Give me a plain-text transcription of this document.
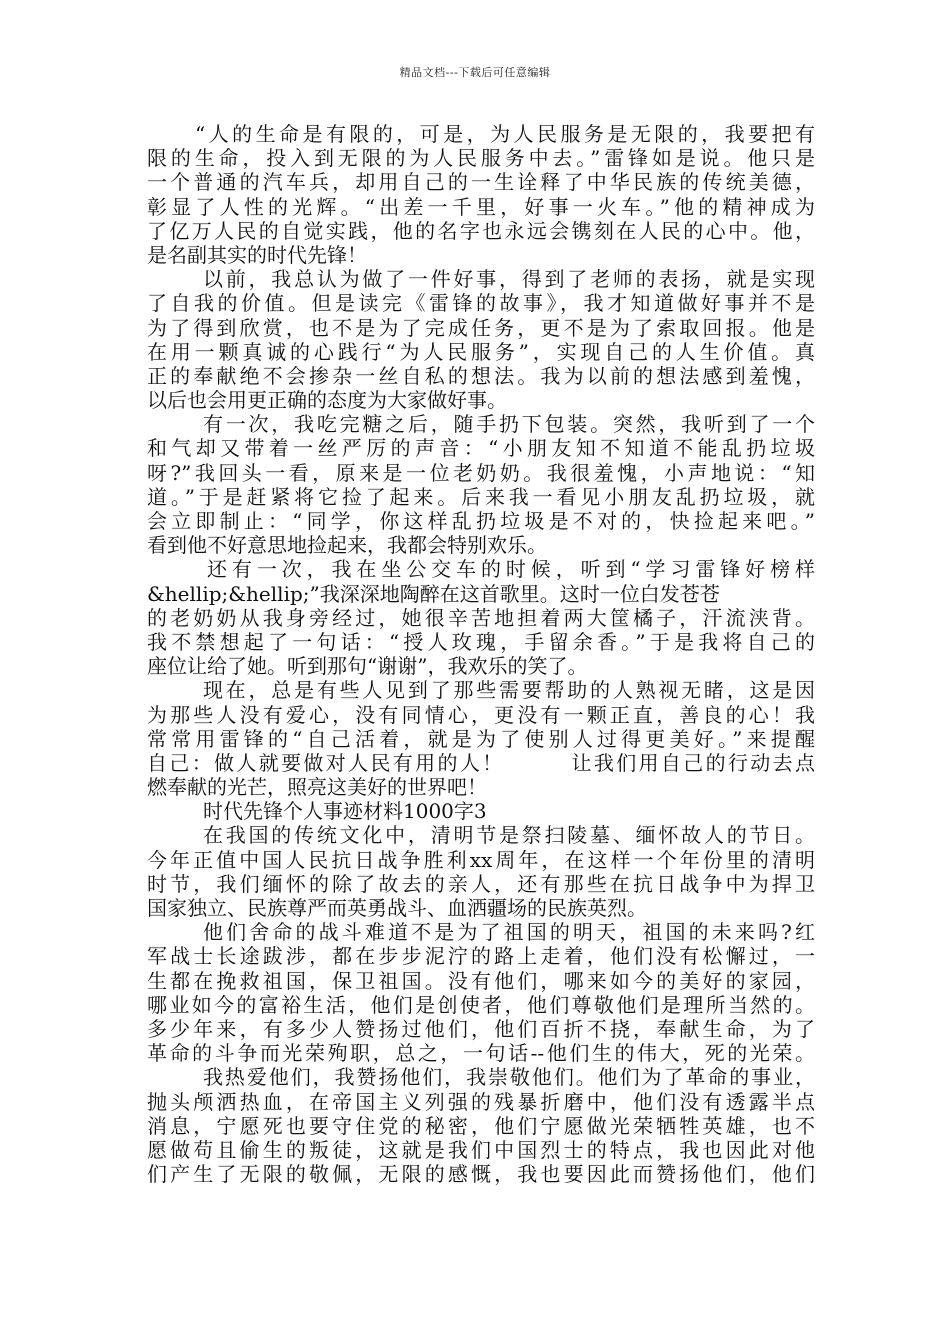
精品文档---下载后可任意编辑
“人的生命是有限的，可是，为人民服务是无限的，我要把有
限的生命，投入到无限的为人民服务中去。”雷锋如是说。他只是
一个普通的汽车兵，却用自己的一生诠释了中华民族的传统美德，
彰显了人性的光辉。“出差一千里，好事一火车。”他的精神成为
了亿万人民的自觉实践，他的名字也永远会镌刻在人民的心中。他，
是名副其实的时代先锋！
以前，我总认为做了一件好事，得到了老师的表扬，就是实现
了自我的价值。但是读完《雷锋的故事》，我才知道做好事并不是
为了得到欣赏，也不是为了完成任务，更不是为了索取回报。他是
在用一颗真诚的心践行“为人民服务”，实现自己的人生价值。真
正的奉献绝不会掺杂一丝自私的想法。我为以前的想法感到羞愧，
以后也会用更正确的态度为大家做好事。
有一次，我吃完糖之后，随手扔下包装。突然，我听到了一个
和气却又带着一丝严厉的声音：“小朋友知不知道不能乱扔垃圾
呀?”我回头一看，原来是一位老奶奶。我很羞愧，小声地说：“知
道。”于是赶紧将它捡了起来。后来我一看见小朋友乱扔垃圾，就
会立即制止：“同学，你这样乱扔垃圾是不对的，快捡起来吧。”
看到他不好意思地捡起来，我都会特别欢乐。
还有一次，我在坐公交车的时候，听到“学习雷锋好榜样
&hellip;&hellip;”我深深地陶醉在这首歌里。这时一位白发苍苍
的老奶奶从我身旁经过，她很辛苦地担着两大筐橘子，汗流浃背。
我不禁想起了一句话：“授人玫瑰，手留余香。”于是我将自己的
座位让给了她。听到那句“谢谢”，我欢乐的笑了。
现在，总是有些人见到了那些需要帮助的人熟视无睹，这是因
为那些人没有爱心，没有同情心，更没有一颗正直，善良的心！我
常常用雷锋的“自己活着，就是为了使别人过得更美好。”来提醒
自己：做人就要做对人民有用的人！　　　让我们用自己的行动去点
燃奉献的光芒，照亮这美好的世界吧！
时代先锋个人事迹材料1000字3
在我国的传统文化中，清明节是祭扫陵墓、缅怀故人的节日。
今年正值中国人民抗日战争胜利xx周年，在这样一个年份里的清明
时节，我们缅怀的除了故去的亲人，还有那些在抗日战争中为捍卫
国家独立、民族尊严而英勇战斗、血洒疆场的民族英烈。
他们舍命的战斗难道不是为了祖国的明天，祖国的未来吗?红
军战士长途跋涉，都在步步泥泞的路上走着，他们没有松懈过，一
生都在挽救祖国，保卫祖国。没有他们，哪来如今的美好的家园，
哪业如今的富裕生活，他们是创使者，他们尊敬他们是理所当然的。
多少年来，有多少人赞扬过他们，他们百折不挠，奉献生命，为了
革命的斗争而光荣殉职，总之，一句话--他们生的伟大，死的光荣。
我热爱他们，我赞扬他们，我崇敬他们。他们为了革命的事业，
抛头颅洒热血，在帝国主义列强的残暴折磨中，他们没有透露半点
消息，宁愿死也要守住党的秘密，他们宁愿做光荣牺牲英雄，也不
愿做苟且偷生的叛徒，这就是我们中国烈士的特点，我也因此对他
们产生了无限的敬佩，无限的感慨，我也要因此而赞扬他们，他们
